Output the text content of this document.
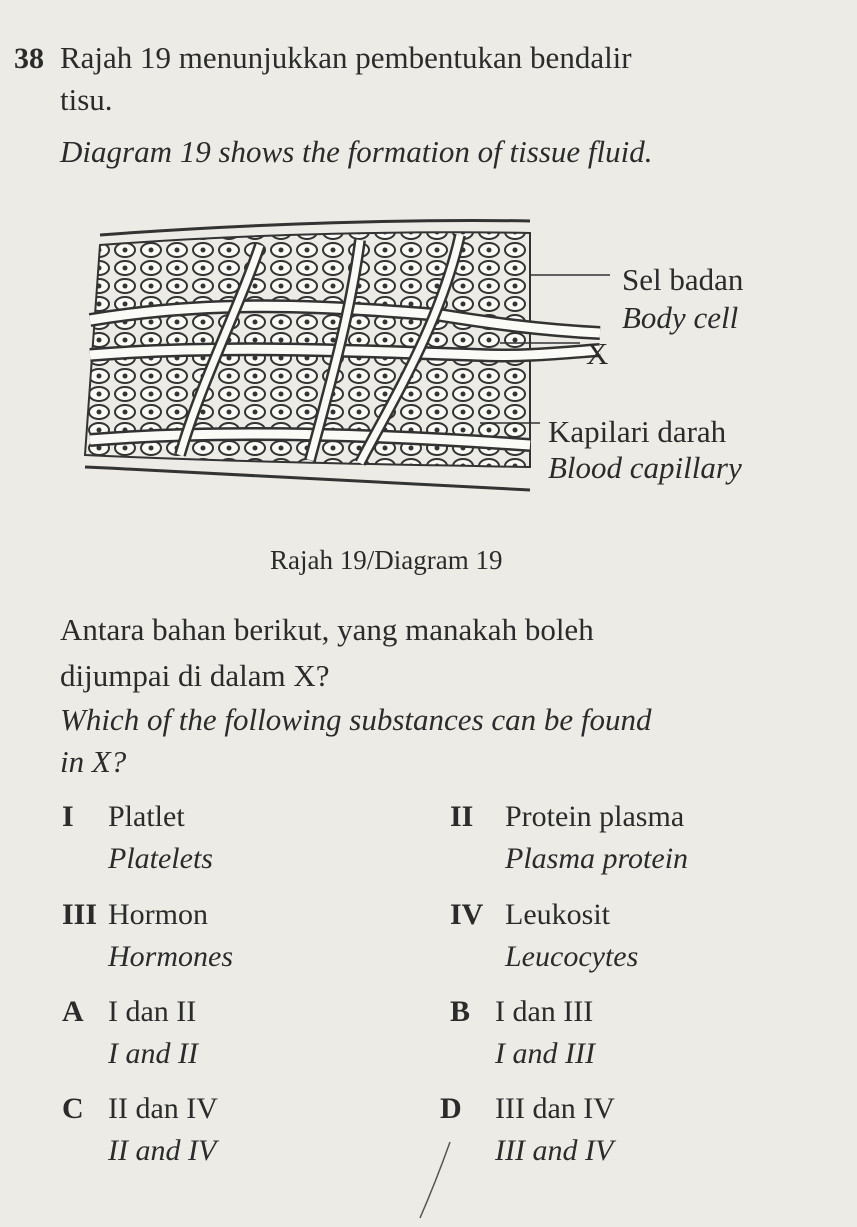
38 Rajah 19 menunjukkan pembentukan bendalir
tisu.
Diagram 19 shows the formation of tissue fluid.
Sel badan
Body cell
X
Kapilari darah
Blood capillary
Rajah 19/Diagram 19
Antara bahan berikut, yang manakah boleh
dijumpai di dalam X?
Which of the following substances can be found
in X?
I Platlet
Platelets
II Protein plasma
Plasma protein
III Hormon
Hormones
IV Leukosit
Leucocytes
A I dan II
I and II
B I dan III
I and III
C II dan IV
II and IV
D III dan IV
III and IV
